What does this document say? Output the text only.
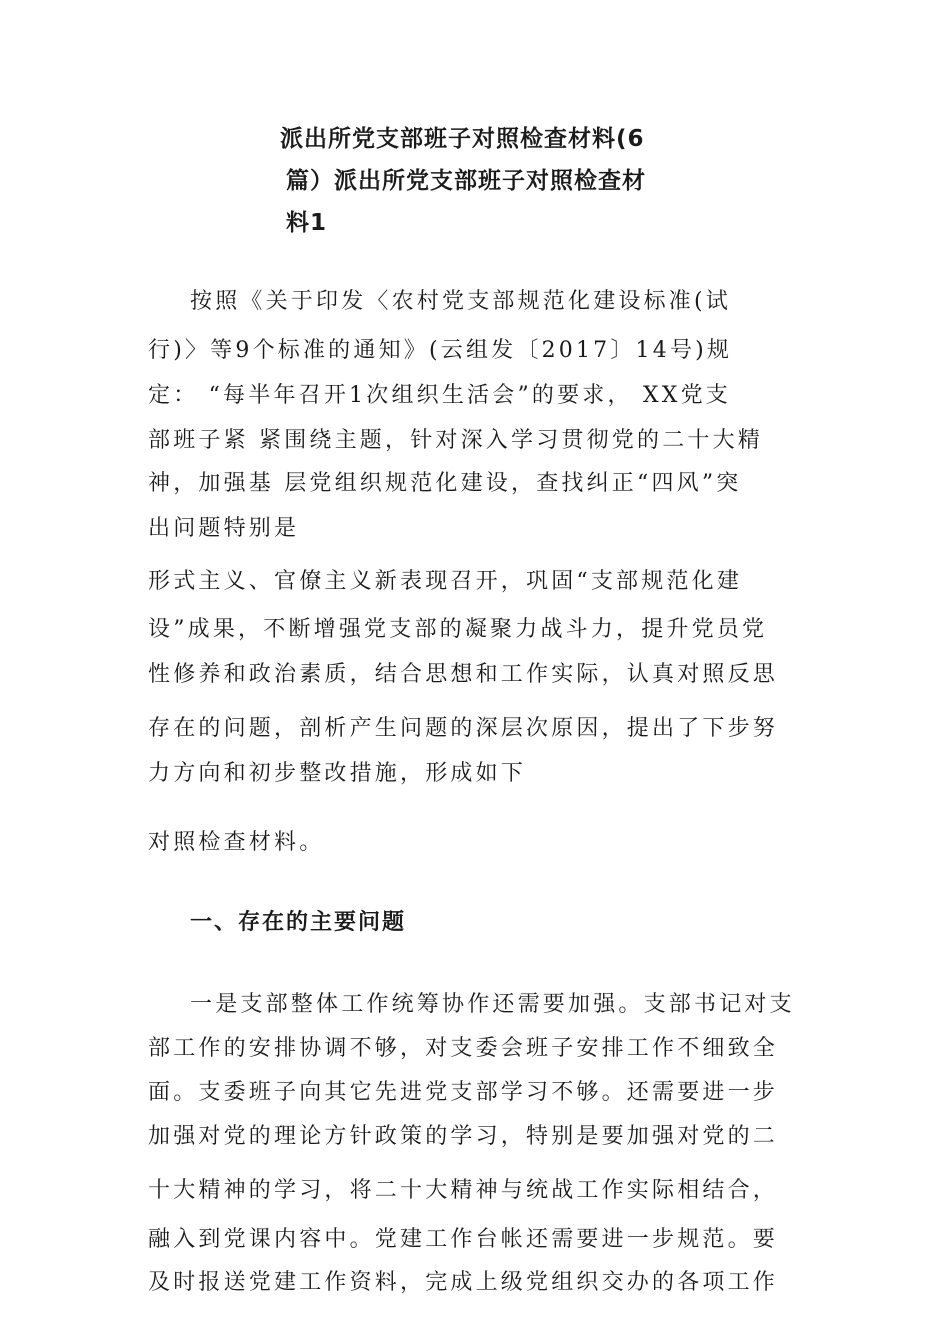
派出所党支部班子对照检查材料(6
篇）派出所党支部班子对照检查材
料1
按照《关于印发〈农村党支部规范化建设标准(试
行)〉等9个标准的通知》(云组发〔2017〕14号)规
定： “每半年召开1次组织生活会”的要求， XX党支
部班子紧 紧围绕主题，针对深入学习贯彻党的二十大精
神，加强基 层党组织规范化建设，查找纠正“四风”突
出问题特别是
形式主义、官僚主义新表现召开，巩固“支部规范化建
设”成果，不断增强党支部的凝聚力战斗力，提升党员党
性修养和政治素质，结合思想和工作实际，认真对照反思
存在的问题，剖析产生问题的深层次原因，提出了下步努
力方向和初步整改措施，形成如下
对照检查材料。
一、存在的主要问题
一是支部整体工作统筹协作还需要加强。支部书记对支
部工作的安排协调不够，对支委会班子安排工作不细致全
面。支委班子向其它先进党支部学习不够。还需要进一步
加强对党的理论方针政策的学习，特别是要加强对党的二
十大精神的学习，将二十大精神与统战工作实际相结合，
融入到党课内容中。党建工作台帐还需要进一步规范。要
及时报送党建工作资料，完成上级党组织交办的各项工作
